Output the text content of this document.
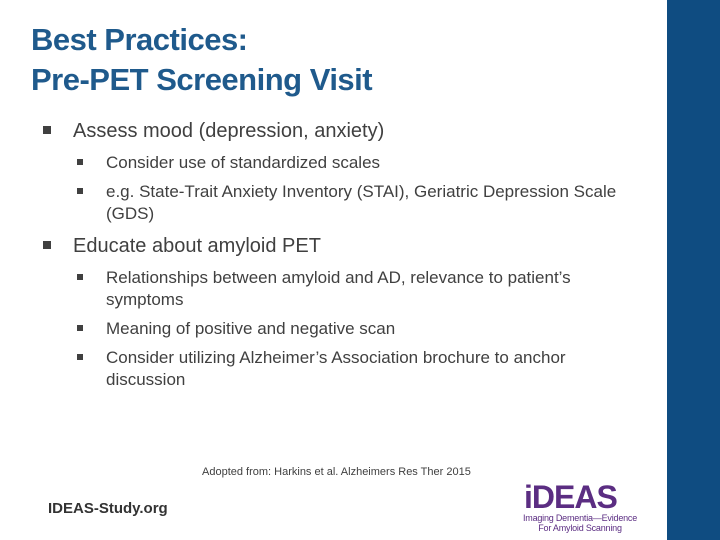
Best Practices:
Pre-PET Screening Visit
Assess mood (depression, anxiety)
Consider use of standardized scales
e.g. State-Trait Anxiety Inventory (STAI), Geriatric Depression Scale (GDS)
Educate about amyloid PET
Relationships between amyloid and AD, relevance to patient’s symptoms
Meaning of positive and negative scan
Consider utilizing Alzheimer’s Association brochure to anchor discussion
Adopted from: Harkins et al. Alzheimers Res Ther 2015
IDEAS-Study.org	iDEAS
Imaging Dementia—Evidence
For Amyloid Scanning
